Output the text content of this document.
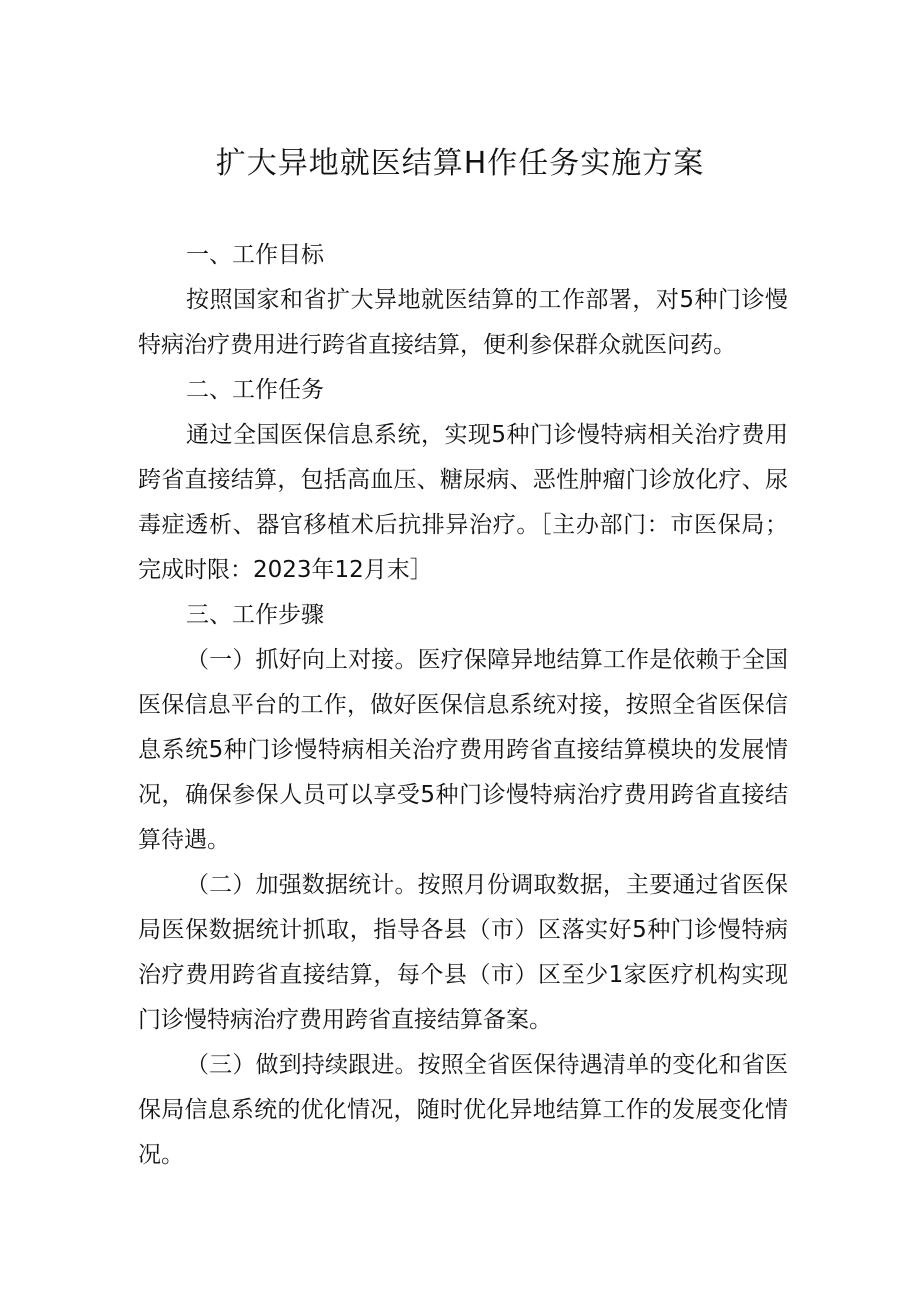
扩大异地就医结算H作任务实施方案

一、工作目标

按照国家和省扩大异地就医结算的工作部署，对5种门诊慢特病治疗费用进行跨省直接结算，便利参保群众就医问药。

二、工作任务

通过全国医保信息系统，实现5种门诊慢特病相关治疗费用跨省直接结算，包括高血压、糖尿病、恶性肿瘤门诊放化疗、尿毒症透析、器官移植术后抗排异治疗。［主办部门：市医保局；完成时限：2023年12月末］

三、工作步骤

（一）抓好向上对接。医疗保障异地结算工作是依赖于全国医保信息平台的工作，做好医保信息系统对接，按照全省医保信息系统5种门诊慢特病相关治疗费用跨省直接结算模块的发展情况，确保参保人员可以享受5种门诊慢特病治疗费用跨省直接结算待遇。

（二）加强数据统计。按照月份调取数据，主要通过省医保局医保数据统计抓取，指导各县（市）区落实好5种门诊慢特病治疗费用跨省直接结算，每个县（市）区至少1家医疗机构实现门诊慢特病治疗费用跨省直接结算备案。

（三）做到持续跟进。按照全省医保待遇清单的变化和省医保局信息系统的优化情况，随时优化异地结算工作的发展变化情况。
